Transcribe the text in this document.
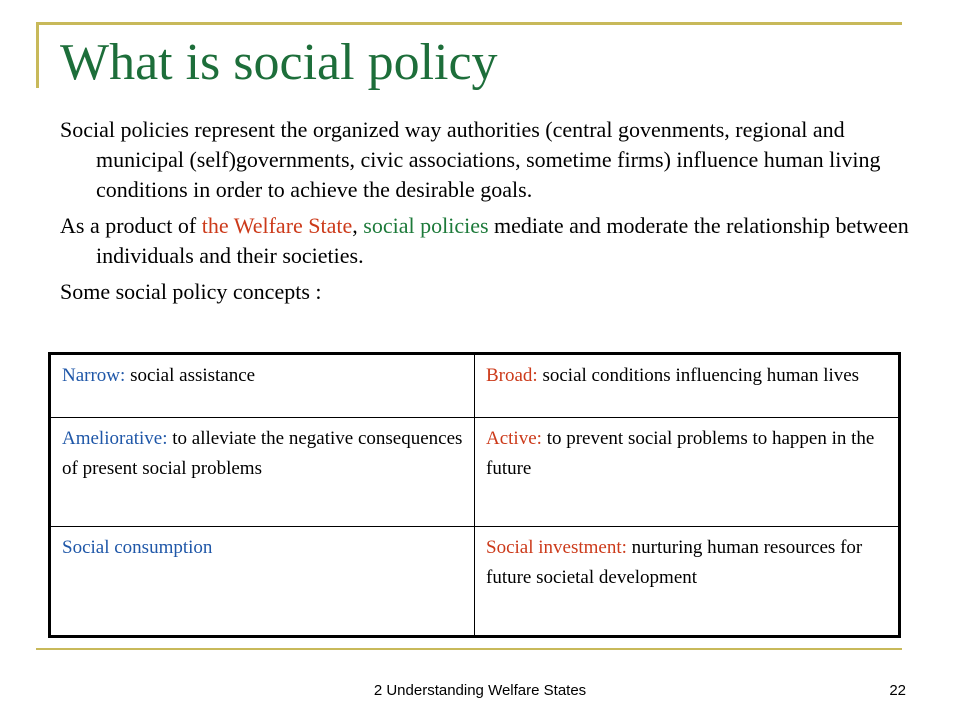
What is social policy

Social policies represent the organized way authorities (central govenments, regional and municipal (self)governments, civic associations, sometime firms) influence human living conditions in order to achieve the desirable goals.

As a product of the Welfare State, social policies mediate and moderate the relationship between individuals and their societies.

Some social policy concepts :

Narrow: social assistance	Broad: social conditions influencing human lives
Ameliorative: to alleviate the negative consequences of present social problems	Active: to prevent social problems to happen in the future
Social consumption	Social investment: nurturing human resources for future societal development
2 Understanding Welfare States	22
